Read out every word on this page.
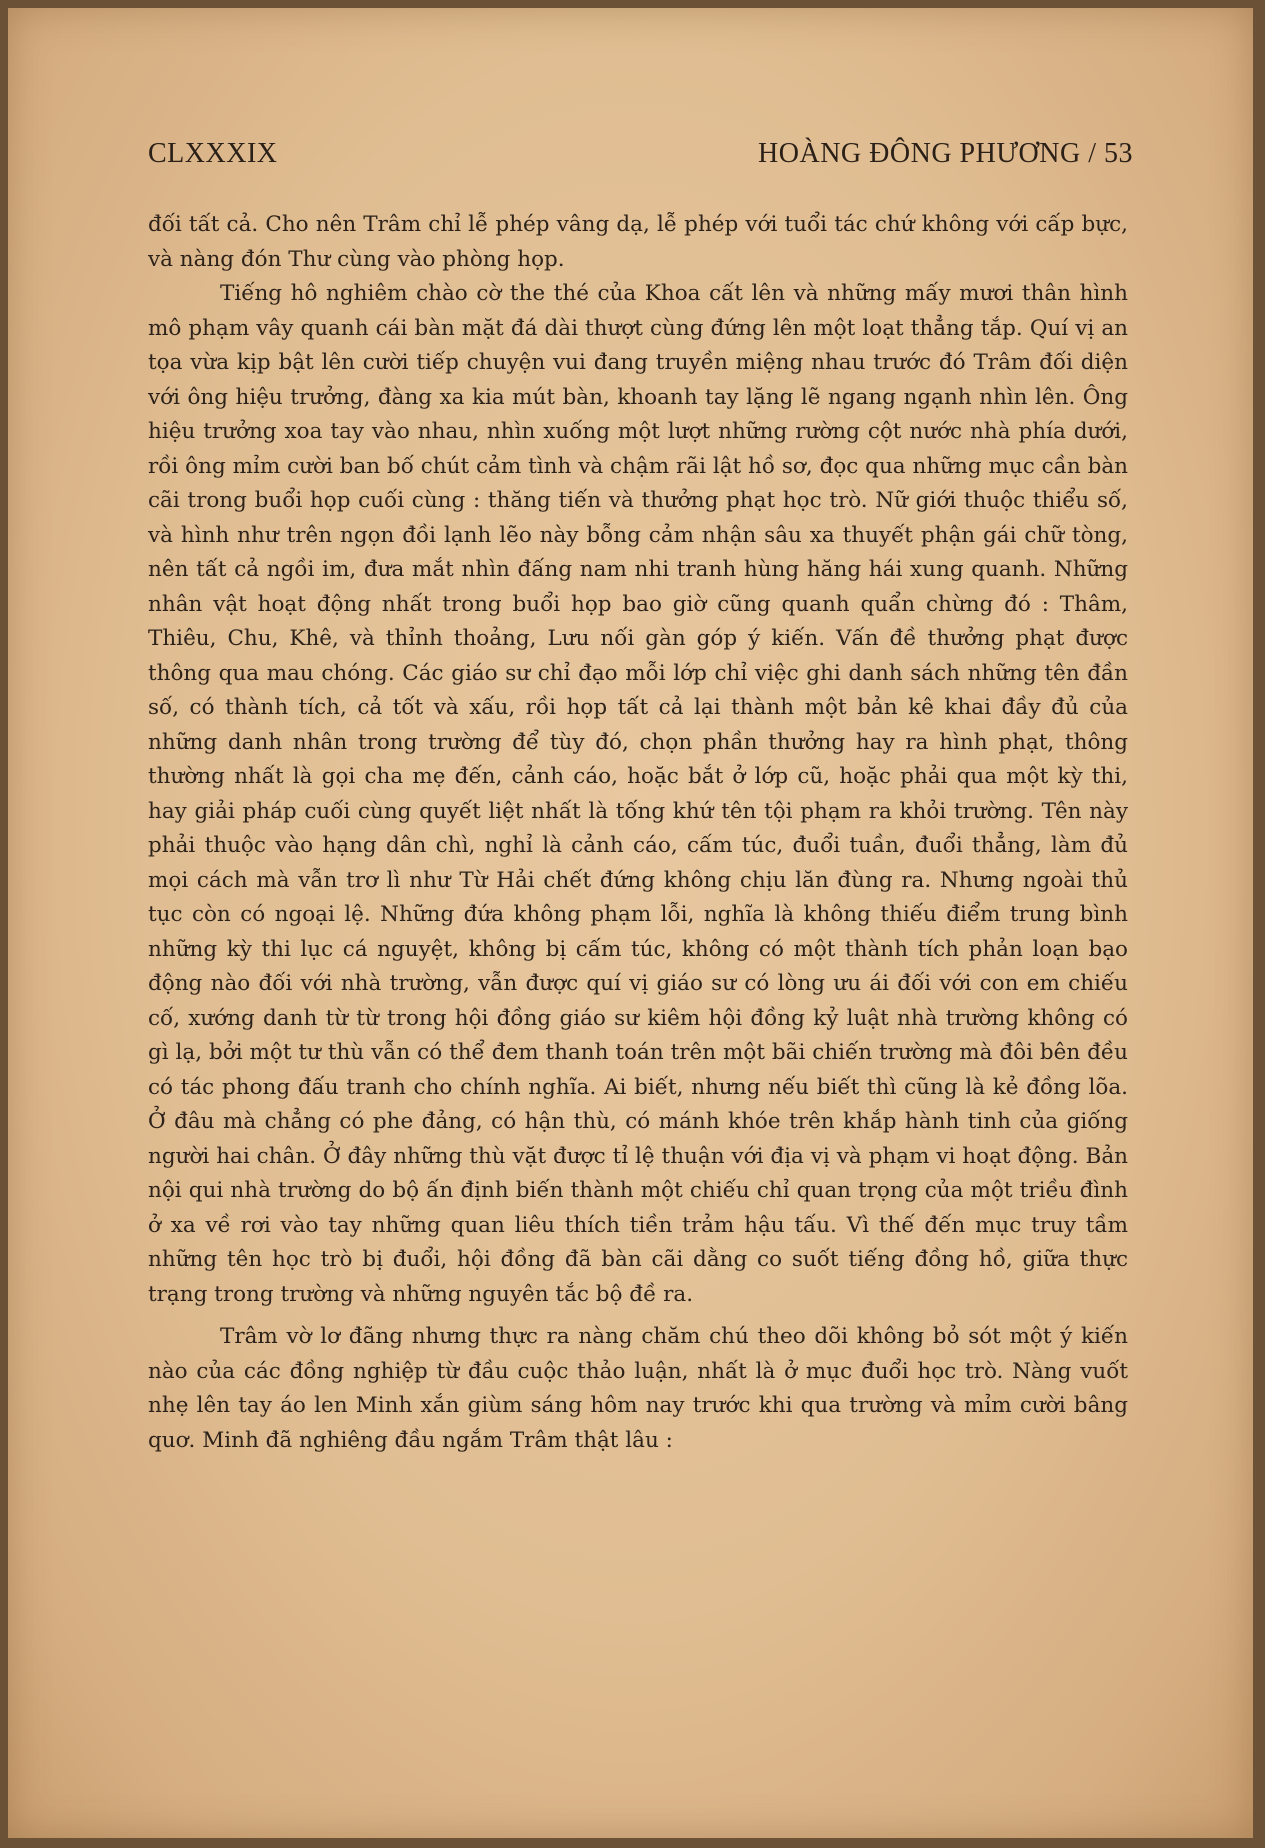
CLXXXIX	HOÀNG ĐÔNG PHƯƠNG / 53

đối tất cả. Cho nên Trâm chỉ lễ phép vâng dạ, lễ phép với tuổi tác chứ không với cấp bực, và nàng đón Thư cùng vào phòng họp.

Tiếng hô nghiêm chào cờ the thé của Khoa cất lên và những mấy mươi thân hình mô phạm vây quanh cái bàn mặt đá dài thượt cùng đứng lên một loạt thẳng tắp. Quí vị an tọa vừa kịp bật lên cười tiếp chuyện vui đang truyền miệng nhau trước đó Trâm đối diện với ông hiệu trưởng, đàng xa kia mút bàn, khoanh tay lặng lẽ ngang ngạnh nhìn lên. Ông hiệu trưởng xoa tay vào nhau, nhìn xuống một lượt những rường cột nước nhà phía dưới, rồi ông mỉm cười ban bố chút cảm tình và chậm rãi lật hồ sơ, đọc qua những mục cần bàn cãi trong buổi họp cuối cùng : thăng tiến và thưởng phạt học trò. Nữ giới thuộc thiểu số, và hình như trên ngọn đồi lạnh lẽo này bỗng cảm nhận sâu xa thuyết phận gái chữ tòng, nên tất cả ngồi im, đưa mắt nhìn đấng nam nhi tranh hùng hăng hái xung quanh. Những nhân vật hoạt động nhất trong buổi họp bao giờ cũng quanh quẩn chừng đó : Thâm, Thiêu, Chu, Khê, và thỉnh thoảng, Lưu nối gàn góp ý kiến. Vấn đề thưởng phạt được thông qua mau chóng. Các giáo sư chỉ đạo mỗi lớp chỉ việc ghi danh sách những tên đần số, có thành tích, cả tốt và xấu, rồi họp tất cả lại thành một bản kê khai đầy đủ của những danh nhân trong trường để tùy đó, chọn phần thưởng hay ra hình phạt, thông thường nhất là gọi cha mẹ đến, cảnh cáo, hoặc bắt ở lớp cũ, hoặc phải qua một kỳ thi, hay giải pháp cuối cùng quyết liệt nhất là tống khứ tên tội phạm ra khỏi trường. Tên này phải thuộc vào hạng dân chì, nghỉ là cảnh cáo, cấm túc, đuổi tuần, đuổi thẳng, làm đủ mọi cách mà vẫn trơ lì như Từ Hải chết đứng không chịu lăn đùng ra. Nhưng ngoài thủ tục còn có ngoại lệ. Những đứa không phạm lỗi, nghĩa là không thiếu điểm trung bình những kỳ thi lục cá nguyệt, không bị cấm túc, không có một thành tích phản loạn bạo động nào đối với nhà trường, vẫn được quí vị giáo sư có lòng ưu ái đối với con em chiếu cố, xướng danh từ từ trong hội đồng giáo sư kiêm hội đồng kỷ luật nhà trường không có gì lạ, bởi một tư thù vẫn có thể đem thanh toán trên một bãi chiến trường mà đôi bên đều có tác phong đấu tranh cho chính nghĩa. Ai biết, nhưng nếu biết thì cũng là kẻ đồng lõa. Ở đâu mà chẳng có phe đảng, có hận thù, có mánh khóe trên khắp hành tinh của giống người hai chân. Ở đây những thù vặt được tỉ lệ thuận với địa vị và phạm vi hoạt động. Bản nội qui nhà trường do bộ ấn định biến thành một chiếu chỉ quan trọng của một triều đình ở xa về rơi vào tay những quan liêu thích tiền trảm hậu tấu. Vì thế đến mục truy tầm những tên học trò bị đuổi, hội đồng đã bàn cãi dằng co suốt tiếng đồng hồ, giữa thực trạng trong trường và những nguyên tắc bộ đề ra.

Trâm vờ lơ đãng nhưng thực ra nàng chăm chú theo dõi không bỏ sót một ý kiến nào của các đồng nghiệp từ đầu cuộc thảo luận, nhất là ở mục đuổi học trò. Nàng vuốt nhẹ lên tay áo len Minh xắn giùm sáng hôm nay trước khi qua trường và mỉm cười bâng quơ. Minh đã nghiêng đầu ngắm Trâm thật lâu :
